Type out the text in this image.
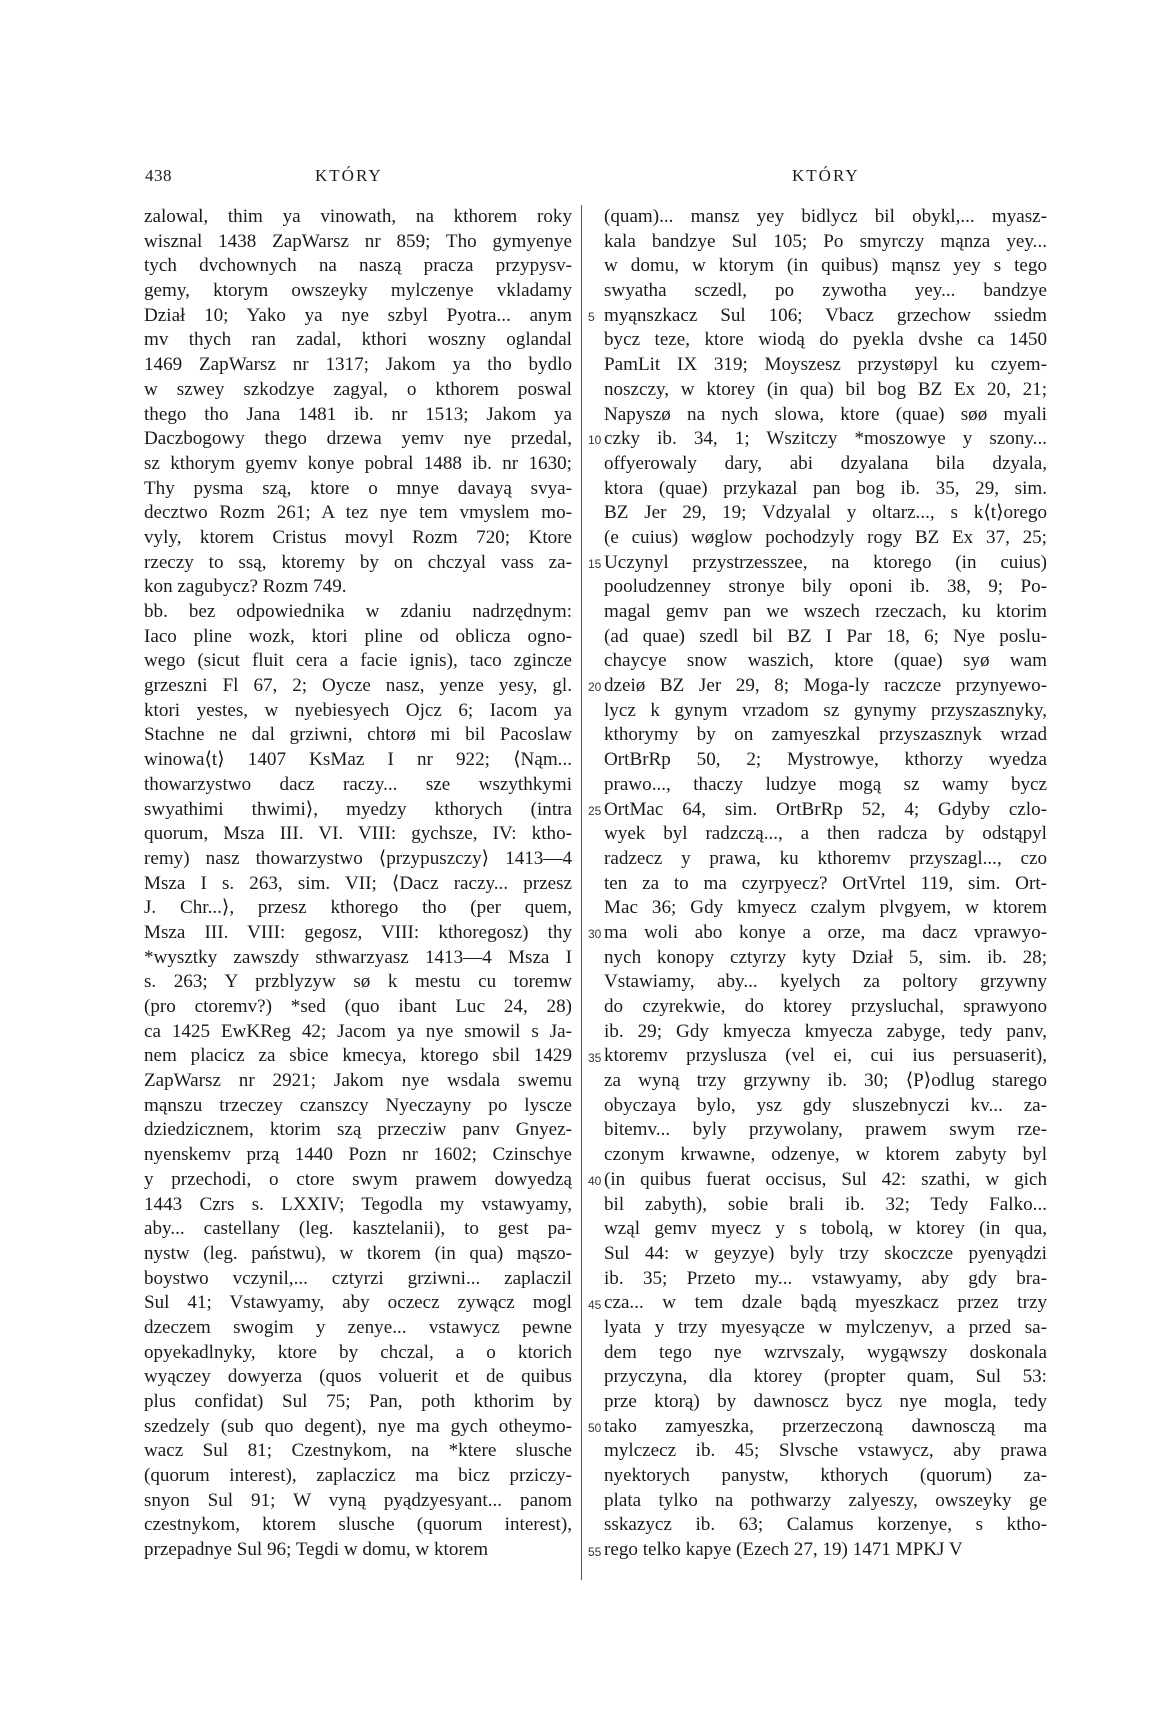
438	KTÓRY	KTÓRY
zalowal, thim ya vinowath, na kthorem roky
wisznal 1438 ZapWarsz nr 859; Tho gymyenye
tych dvchownych na naszą pracza przypysv-
gemy, ktorym owszeyky mylczenye vkladamy
Dział 10; Yako ya nye szbyl Pyotra... anym
mv thych ran zadal, kthori woszny oglandal
1469 ZapWarsz nr 1317; Jakom ya tho bydlo
w szwey szkodzye zagyal, o kthorem poswal
thego tho Jana 1481 ib. nr 1513; Jakom ya
Daczbogowy thego drzewa yemv nye przedal,
sz kthorym gyemv konye pobral 1488 ib. nr 1630;
Thy pysma szą, ktore o mnye davayą svya-
decztwo Rozm 261; A tez nye tem vmyslem mo-
vyly, ktorem Cristus movyl Rozm 720; Ktore
rzeczy to ssą, ktoremy by on chczyal vass za-
kon zagubycz? Rozm 749.
bb. bez odpowiednika w zdaniu nadrzędnym:
Iaco pline wozk, ktori pline od oblicza ogno-
wego (sicut fluit cera a facie ignis), taco zgincze
grzeszni Fl 67, 2; Oycze nasz, yenze yesy, gl.
ktori yestes, w nyebiesyech Ojcz 6; Iacom ya
Stachne ne dal grziwni, chtorø mi bil Pacoslaw
winowa⟨t⟩ 1407 KsMaz I nr 922; ⟨Nąm...
thowarzystwo dacz raczy... sze wszythkymi
swyathimi thwimi⟩, myedzy kthorych (intra
quorum, Msza III. VI. VIII: gychsze, IV: ktho-
remy) nasz thowarzystwo ⟨przypuszczy⟩ 1413—4
Msza I s. 263, sim. VII; ⟨Dacz raczy... przesz
J. Chr...⟩, przesz kthorego tho (per quem,
Msza III. VIII: gegosz, VIII: kthoregosz) thy
*wysztky zawszdy sthwarzyasz 1413—4 Msza I
s. 263; Y przblyzyw sø k mestu cu toremw
(pro ctoremv?) *sed (quo ibant Luc 24, 28)
ca 1425 EwKReg 42; Jacom ya nye smowil s Ja-
nem placicz za sbice kmecya, ktorego sbil 1429
ZapWarsz nr 2921; Jakom nye wsdala swemu
mąnszu trzeczey czanszcy Nyeczayny po lyscze
dziedzicznem, ktorim szą przecziw panv Gnyez-
nyenskemv przą 1440 Pozn nr 1602; Czinschye
y przechodi, o ctore swym prawem dowyedzą
1443 Czrs s. LXXIV; Tegodla my vstawyamy,
aby... castellany (leg. kasztelanii), to gest pa-
nystw (leg. państwu), w tkorem (in qua) mąszo-
boystwo vczynil,... cztyrzi grziwni... zaplaczil
Sul 41; Vstawyamy, aby oczecz zywącz mogl
dzeczem swogim y zenye... vstawycz pewne
opyekadlnyky, ktore by chczal, a o ktorich
wyączey dowyerza (quos voluerit et de quibus
plus confidat) Sul 75; Pan, poth kthorim by
szedzely (sub quo degent), nye ma gych otheymo-
wacz Sul 81; Czestnykom, na *ktere slusche
(quorum interest), zaplaczicz ma bicz prziczy-
snyon Sul 91; W vyną pyądzyesyant... panom
czestnykom, ktorem slusche (quorum interest),
przepadnye Sul 96; Tegdi w domu, w ktorem
5
10
15
20
25
30
35
40
45
50
55
(quam)... mansz yey bidlycz bil obykl,... myasz-
kala bandzye Sul 105; Po smyrczy mąnza yey...
w domu, w ktorym (in quibus) mąnsz yey s tego
swyatha sczedl, po zywotha yey... bandzye
myąnszkacz Sul 106; Vbacz grzechow ssiedm
bycz teze, ktore wiodą do pyekla dvshe ca 1450
PamLit IX 319; Moyszesz przystøpyl ku czyem-
noszczy, w ktorey (in qua) bil bog BZ Ex 20, 21;
Napyszø na nych slowa, ktore (quae) søø myali
czky ib. 34, 1; Wszitczy *moszowye y szony...
offyerowaly dary, abi dzyalana bila dzyala,
ktora (quae) przykazal pan bog ib. 35, 29, sim.
BZ Jer 29, 19; Vdzyalal y oltarz..., s k⟨t⟩orego
(e cuius) wøglow pochodzyly rogy BZ Ex 37, 25;
Uczynyl przystrzesszee, na ktorego (in cuius)
pooludzenney stronye bily oponi ib. 38, 9; Po-
magal gemv pan we wszech rzeczach, ku ktorim
(ad quae) szedl bil BZ I Par 18, 6; Nye poslu-
chaycye snow waszich, ktore (quae) syø wam
dzeiø BZ Jer 29, 8; Moga-ly raczcze przynyewo-
lycz k gynym vrzadom sz gynymy przyszasznyky,
kthorymy by on zamyeszkal przyszasznyk wrzad
OrtBrRp 50, 2; Mystrowye, kthorzy wyedza
prawo..., thaczy ludzye mogą sz wamy bycz
OrtMac 64, sim. OrtBrRp 52, 4; Gdyby czlo-
wyek byl radzczą..., a then radcza by odstąpyl
radzecz y prawa, ku kthoremv przyszagl..., czo
ten za to ma czyrpyecz? OrtVrtel 119, sim. Ort-
Mac 36; Gdy kmyecz czalym plvgyem, w ktorem
ma woli abo konye a orze, ma dacz vprawyo-
nych konopy cztyrzy kyty Dział 5, sim. ib. 28;
Vstawiamy, aby... kyelych za poltory grzywny
do czyrekwie, do ktorey przysluchal, sprawyono
ib. 29; Gdy kmyecza kmyecza zabyge, tedy panv,
ktoremv przyslusza (vel ei, cui ius persuaserit),
za wyną trzy grzywny ib. 30; ⟨P⟩odlug starego
obyczaya bylo, ysz gdy sluszebnyczi kv... za-
bitemv... byly przywolany, prawem swym rze-
czonym krwawne, odzenye, w ktorem zabyty byl
(in quibus fuerat occisus, Sul 42: szathi, w gich
bil zabyth), sobie brali ib. 32; Tedy Falko...
wząl gemv myecz y s tobolą, w ktorey (in qua,
Sul 44: w geyzye) byly trzy skoczcze pyenyądzi
ib. 35; Przeto my... vstawyamy, aby gdy bra-
cza... w tem dzale bądą myeszkacz przez trzy
lyata y trzy myesyącze w mylczenyv, a przed sa-
dem tego nye wzrvszaly, wygąwszy doskonala
przyczyna, dla ktorey (propter quam, Sul 53:
prze ktorą) by dawnoscz bycz nye mogla, tedy
tako zamyeszka, przerzeczoną dawnosczą ma
mylczecz ib. 45; Slvsche vstawycz, aby prawa
nyektorych panystw, kthorych (quorum) za-
plata tylko na pothwarzy zalyeszy, owszeyky ge
sskazycz ib. 63; Calamus korzenye, s ktho-
rego telko kapye (Ezech 27, 19) 1471 MPKJ V
